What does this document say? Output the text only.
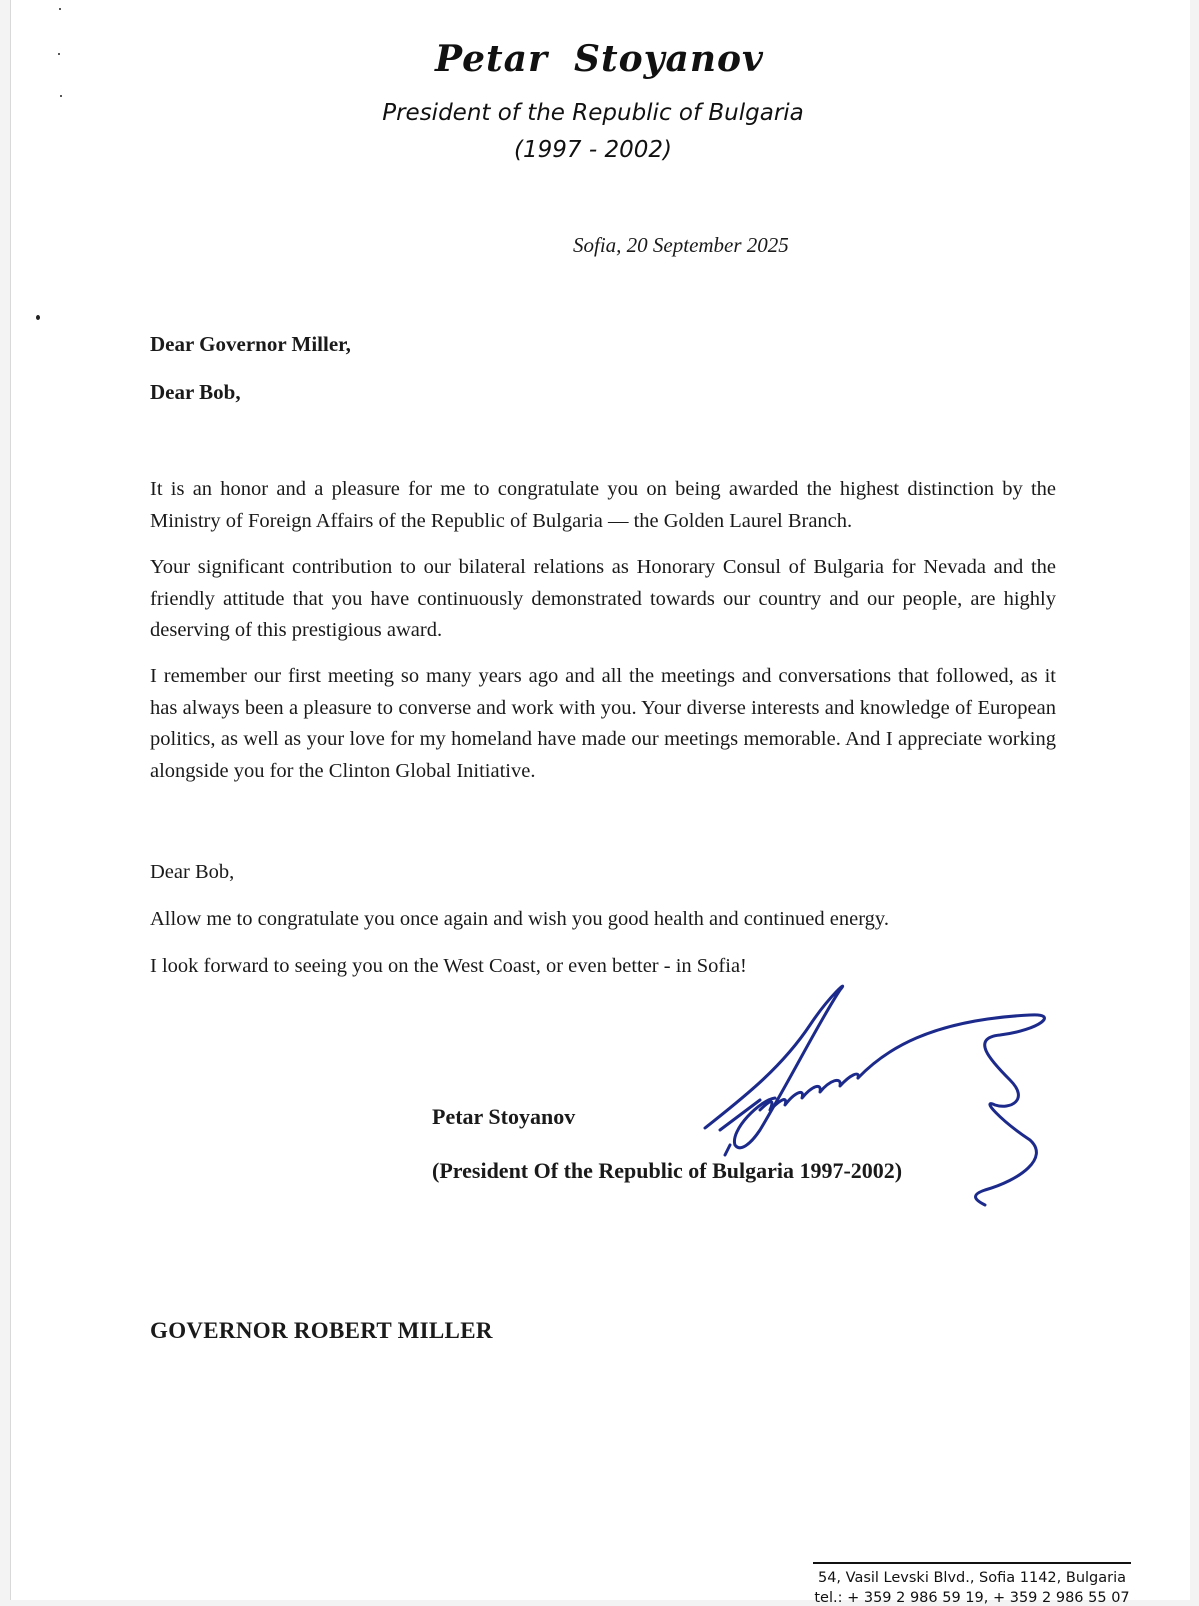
Petar Stoyanov
President of the Republic of Bulgaria
(1997 - 2002)
Sofia, 20 September 2025
Dear Governor Miller,
Dear Bob,
It is an honor and a pleasure for me to congratulate you on being awarded the highest distinction by the Ministry of Foreign Affairs of the Republic of Bulgaria — the Golden Laurel Branch.
Your significant contribution to our bilateral relations as Honorary Consul of Bulgaria for Nevada and the friendly attitude that you have continuously demonstrated towards our country and our people, are highly deserving of this prestigious award.
I remember our first meeting so many years ago and all the meetings and conversations that followed, as it has always been a pleasure to converse and work with you. Your diverse interests and knowledge of European politics, as well as your love for my homeland have made our meetings memorable. And I appreciate working alongside you for the Clinton Global Initiative.
Dear Bob,
Allow me to congratulate you once again and wish you good health and continued energy.
I look forward to seeing you on the West Coast, or even better - in Sofia!
Petar Stoyanov
(President Of the Republic of Bulgaria 1997-2002)
GOVERNOR ROBERT MILLER
54, Vasil Levski Blvd., Sofia 1142, Bulgaria
tel.: + 359 2 986 59 19, + 359 2 986 55 07
